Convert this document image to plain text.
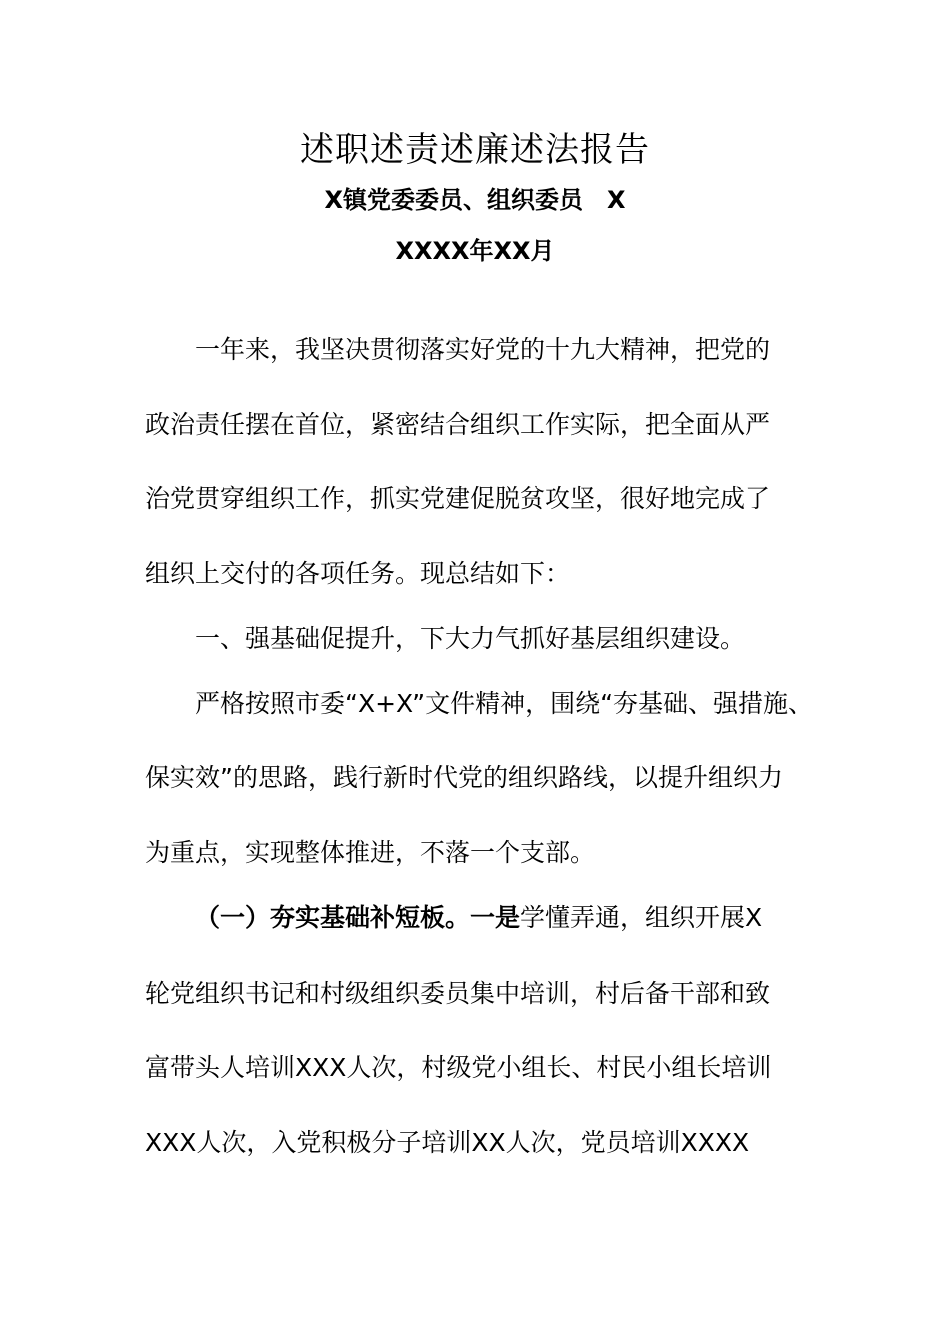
述职述责述廉述法报告
X镇党委委员、组织委员　X
XXXX年XX月
一年来，我坚决贯彻落实好党的十九大精神，把党的
政治责任摆在首位，紧密结合组织工作实际，把全面从严
治党贯穿组织工作，抓实党建促脱贫攻坚，很好地完成了
组织上交付的各项任务。现总结如下：
一、强基础促提升，下大力气抓好基层组织建设。
严格按照市委“X+X”文件精神，围绕“夯基础、强措施、
保实效”的思路，践行新时代党的组织路线，以提升组织力
为重点，实现整体推进，不落一个支部。
（一）夯实基础补短板。一是学懂弄通，组织开展X
轮党组织书记和村级组织委员集中培训，村后备干部和致
富带头人培训XXX人次，村级党小组长、村民小组长培训
XXX人次，入党积极分子培训XX人次，党员培训XXXX
